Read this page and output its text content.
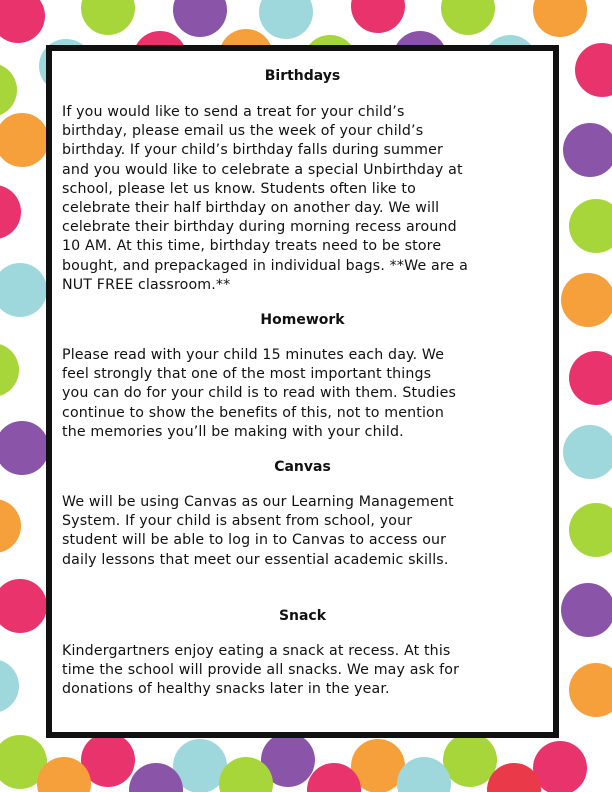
Birthdays

If you would like to send a treat for your child’s

birthday, please email us the week of your child’s

birthday. If your child’s birthday falls during summer

and you would like to celebrate a special Unbirthday at

school, please let us know. Students often like to

celebrate their half birthday on another day. We will

celebrate their birthday during morning recess around

10 AM. At this time, birthday treats need to be store

bought, and prepackaged in individual bags. **We are a

NUT FREE classroom.**

Homework

Please read with your child 15 minutes each day. We

feel strongly that one of the most important things

you can do for your child is to read with them. Studies

continue to show the benefits of this, not to mention

the memories you’ll be making with your child.

Canvas

We will be using Canvas as our Learning Management

System. If your child is absent from school, your

student will be able to log in to Canvas to access our

daily lessons that meet our essential academic skills.

Snack

Kindergartners enjoy eating a snack at recess. At this

time the school will provide all snacks. We may ask for

donations of healthy snacks later in the year.
